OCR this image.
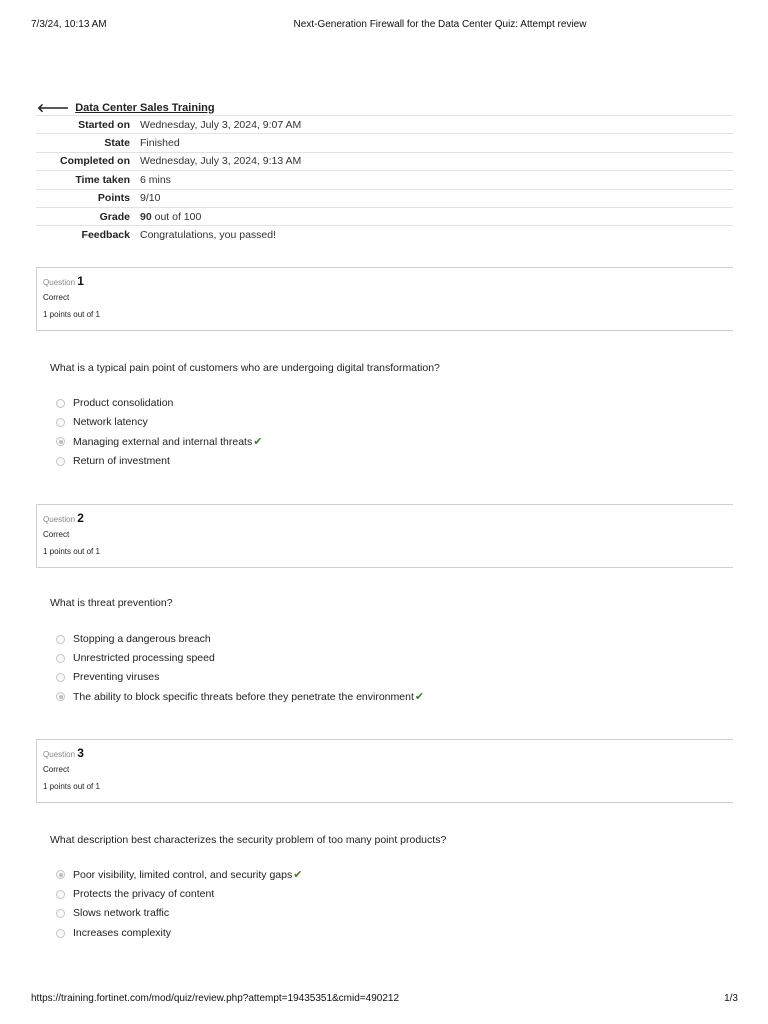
7/3/24, 10:13 AM	Next-Generation Firewall for the Data Center Quiz: Attempt review
🡐 Data Center Sales Training
Started on	Wednesday, July 3, 2024, 9:07 AM
State	Finished
Completed on	Wednesday, July 3, 2024, 9:13 AM
Time taken	6 mins
Points	9/10
Grade	90 out of 100
Feedback	Congratulations, you passed!
Question 1
Correct
1 points out of 1
What is a typical pain point of customers who are undergoing digital transformation?
Product consolidation
Network latency
Managing external and internal threats ✔
Return of investment
Question 2
Correct
1 points out of 1
What is threat prevention?
Stopping a dangerous breach
Unrestricted processing speed
Preventing viruses
The ability to block specific threats before they penetrate the environment ✔
Question 3
Correct
1 points out of 1
What description best characterizes the security problem of too many point products?
Poor visibility, limited control, and security gaps ✔
Protects the privacy of content
Slows network traffic
Increases complexity
https://training.fortinet.com/mod/quiz/review.php?attempt=19435351&cmid=490212	1/3
